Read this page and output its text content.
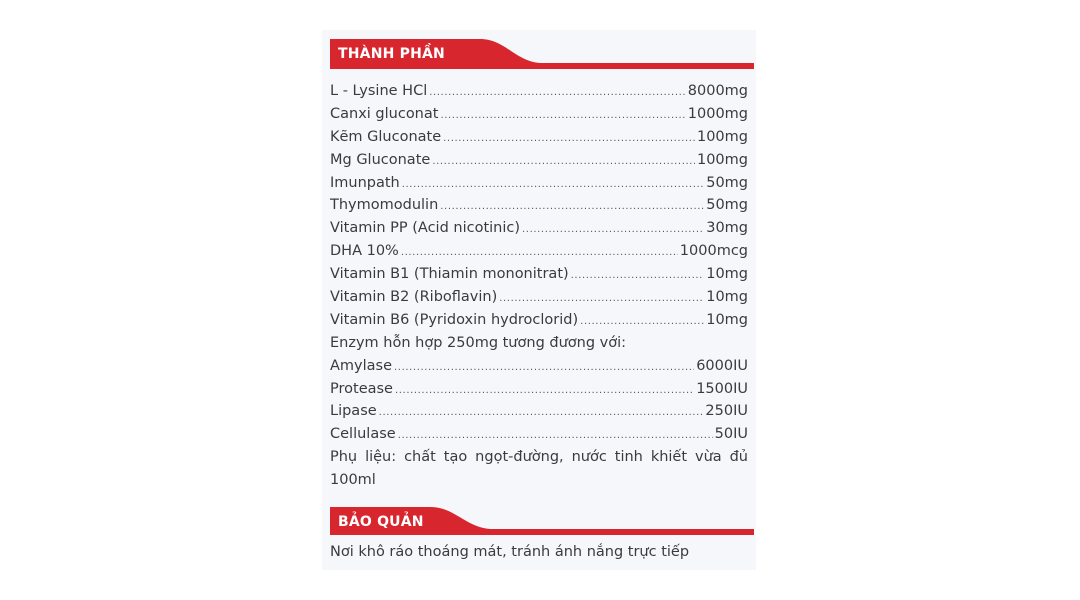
THÀNH PHẦN
L - Lysine HCl .....	8000mg
Canxi gluconat .....	1000mg
Kẽm Gluconate .....	100mg
Mg Gluconate .....	100mg
Imunpath .....	50mg
Thymomodulin .....	50mg
Vitamin PP (Acid nicotinic) .....	30mg
DHA 10% .....	1000mcg
Vitamin B1 (Thiamin mononitrat) .....	10mg
Vitamin B2 (Riboflavin) .....	10mg
Vitamin B6 (Pyridoxin hydroclorid) .....	10mg
Enzym hỗn hợp 250mg tương đương với:
Amylase .....	6000IU
Protease .....	1500IU
Lipase .....	250IU
Cellulase .....	50IU
Phụ liệu: chất tạo ngọt-đường, nước tinh khiết vừa đủ 100ml
BẢO QUẢN
Nơi khô ráo thoáng mát, tránh ánh nắng trực tiếp
